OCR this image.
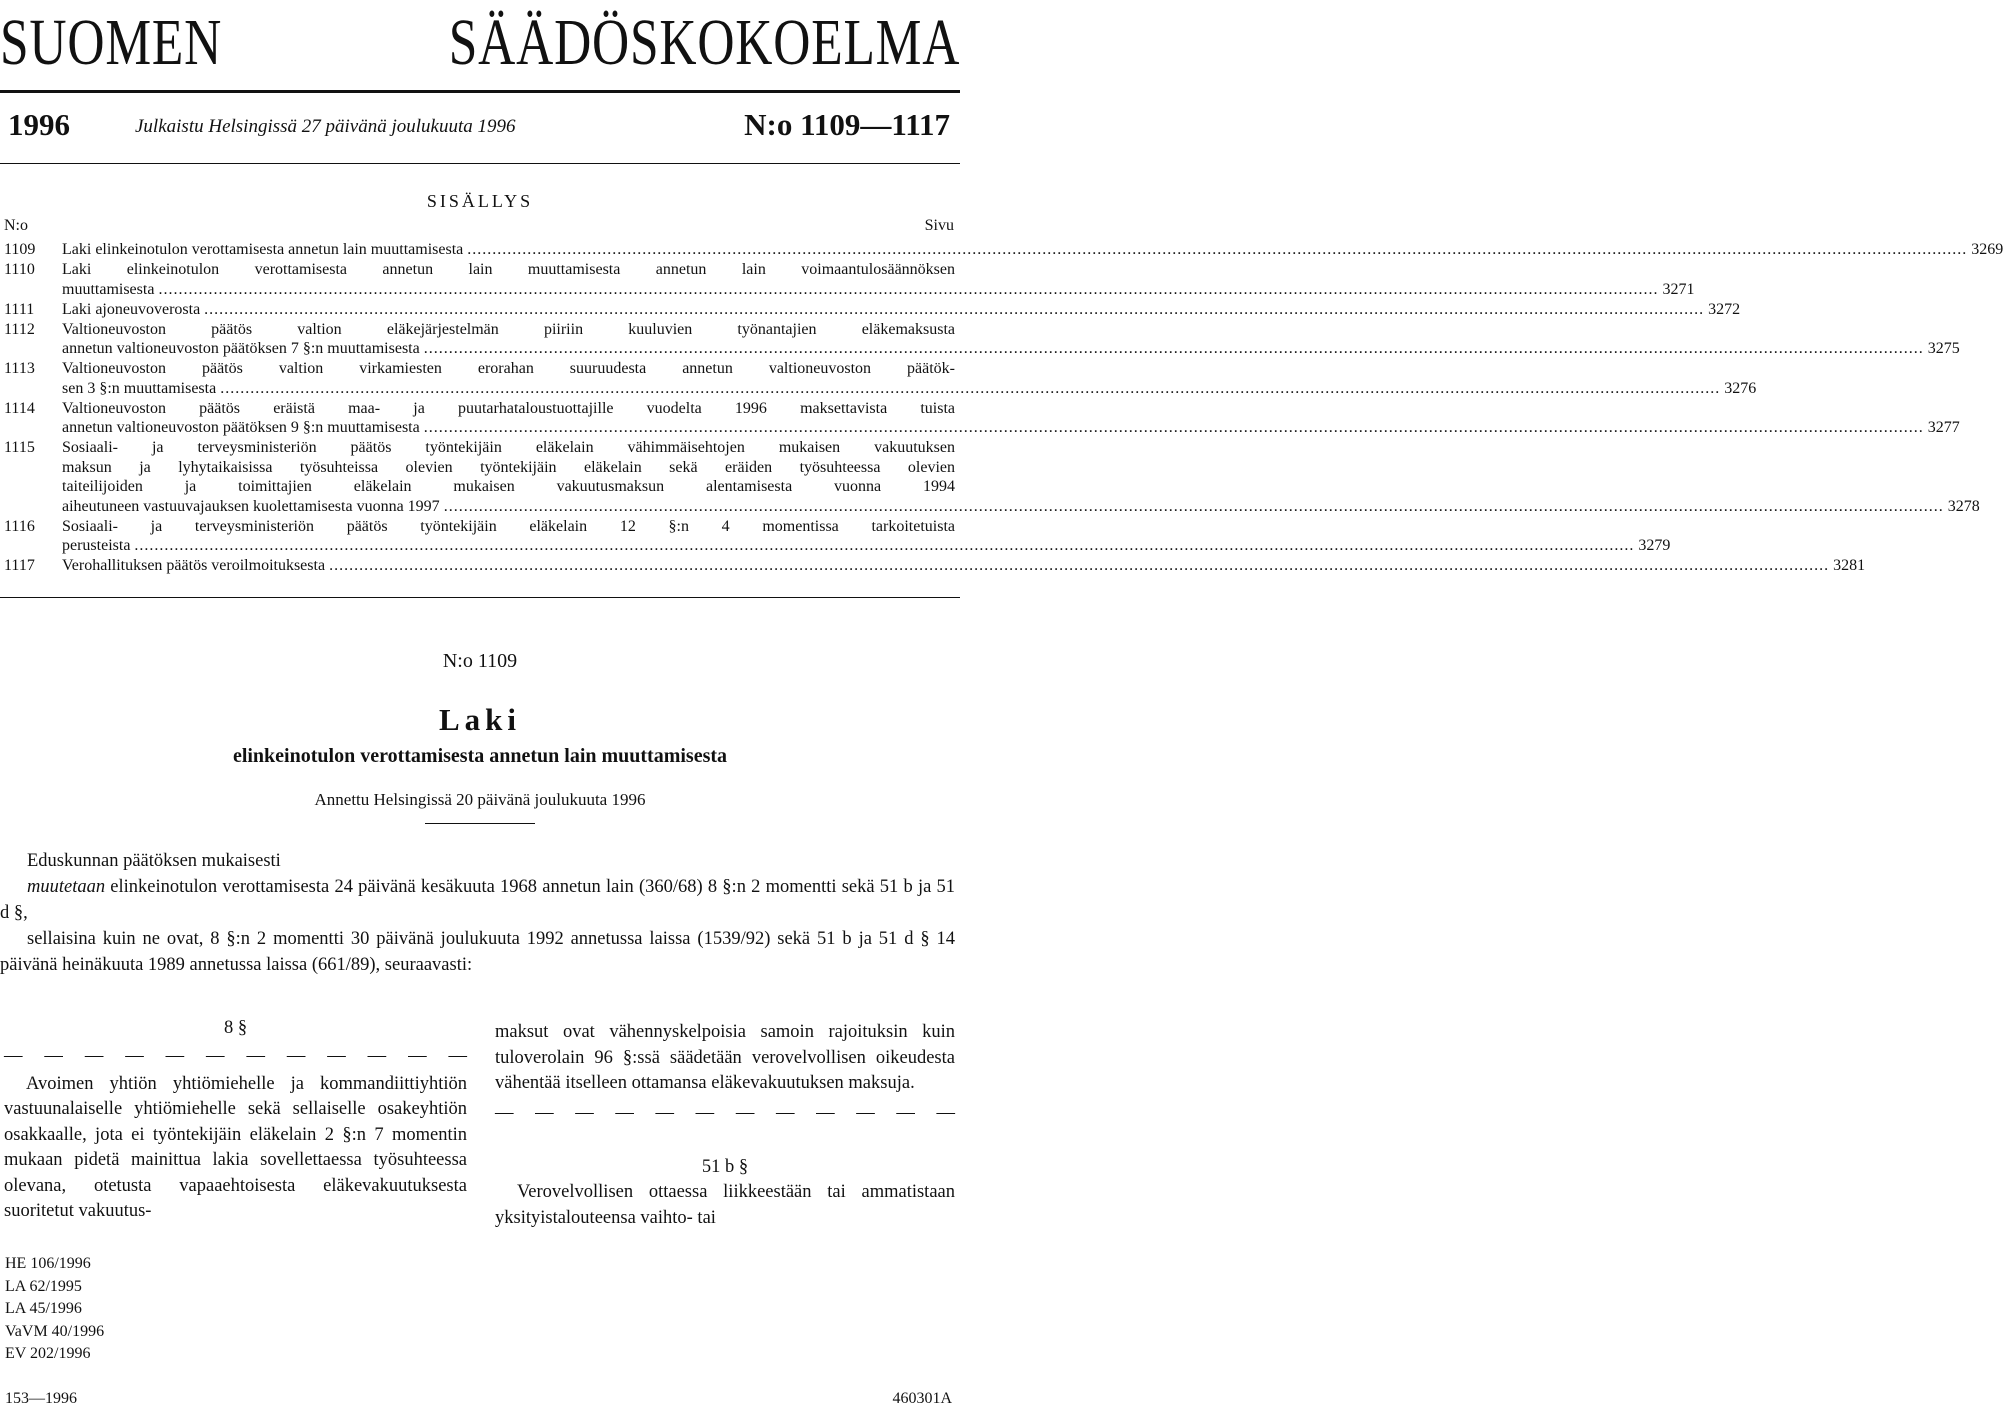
SUOMEN SÄÄDÖSKOKOELMA
1996	Julkaistu Helsingissä 27 päivänä joulukuuta 1996	N:o 1109—1117
SISÄLLYS
N:o	Sivu
1109	Laki elinkeinotulon verottamisesta annetun lain muuttamisesta ............................................................................................................................................................................................................................................................................................................ 3269
1110	Laki elinkeinotulon verottamisesta annetun lain muuttamisesta annetun lain voimaantulosäännöksen
muuttamisesta ............................................................................................................................................................................................................................................................................................................ 3271
1111	Laki ajoneuvoverosta ............................................................................................................................................................................................................................................................................................................ 3272
1112	Valtioneuvoston päätös valtion eläkejärjestelmän piiriin kuuluvien työnantajien eläkemaksusta
annetun valtioneuvoston päätöksen 7 §:n muuttamisesta ............................................................................................................................................................................................................................................................................................................ 3275
1113	Valtioneuvoston päätös valtion virkamiesten erorahan suuruudesta annetun valtioneuvoston päätök-
sen 3 §:n muuttamisesta ............................................................................................................................................................................................................................................................................................................ 3276
1114	Valtioneuvoston päätös eräistä maa- ja puutarhataloustuottajille vuodelta 1996 maksettavista tuista
annetun valtioneuvoston päätöksen 9 §:n muuttamisesta ............................................................................................................................................................................................................................................................................................................ 3277
1115	Sosiaali- ja terveysministeriön päätös työntekijäin eläkelain vähimmäisehtojen mukaisen vakuutuksen
maksun ja lyhytaikaisissa työsuhteissa olevien työntekijäin eläkelain sekä eräiden työsuhteessa olevien
taiteilijoiden ja toimittajien eläkelain mukaisen vakuutusmaksun alentamisesta vuonna 1994
aiheutuneen vastuuvajauksen kuolettamisesta vuonna 1997 ............................................................................................................................................................................................................................................................................................................ 3278
1116	Sosiaali- ja terveysministeriön päätös työntekijäin eläkelain 12 §:n 4 momentissa tarkoitetuista
perusteista ............................................................................................................................................................................................................................................................................................................ 3279
1117	Verohallituksen päätös veroilmoituksesta ............................................................................................................................................................................................................................................................................................................ 3281
N:o 1109
Laki
elinkeinotulon verottamisesta annetun lain muuttamisesta
Annettu Helsingissä 20 päivänä joulukuuta 1996

Eduskunnan päätöksen mukaisesti

muutetaan elinkeinotulon verottamisesta 24 päivänä kesäkuuta 1968 annetun lain (360/68) 8 §:n 2 momentti sekä 51 b ja 51 d §,

sellaisina kuin ne ovat, 8 §:n 2 momentti 30 päivänä joulukuuta 1992 annetussa laissa (1539/92) sekä 51 b ja 51 d § 14 päivänä heinäkuuta 1989 annetussa laissa (661/89), seuraavasti:

8 §

— — — — — — — — — — — —

Avoimen yhtiön yhtiömiehelle ja kommandiittiyhtiön vastuunalaiselle yhtiömiehelle sekä sellaiselle osakeyhtiön osakkaalle, jota ei työntekijäin eläkelain 2 §:n 7 momentin mukaan pidetä mainittua lakia sovellettaessa työsuhteessa olevana, otetusta vapaaehtoisesta eläkevakuutuksesta suoritetut vakuutus-

maksut ovat vähennyskelpoisia samoin rajoituksin kuin tuloverolain 96 §:ssä säädetään verovelvollisen oikeudesta vähentää itselleen ottamansa eläkevakuutuksen maksuja.

— — — — — — — — — — — —

51 b §

Verovelvollisen ottaessa liikkeestään tai ammatistaan yksityistalouteensa vaihto- tai

HE 106/1996
LA 62/1995
LA 45/1996
VaVM 40/1996
EV 202/1996
153—1996	460301A
